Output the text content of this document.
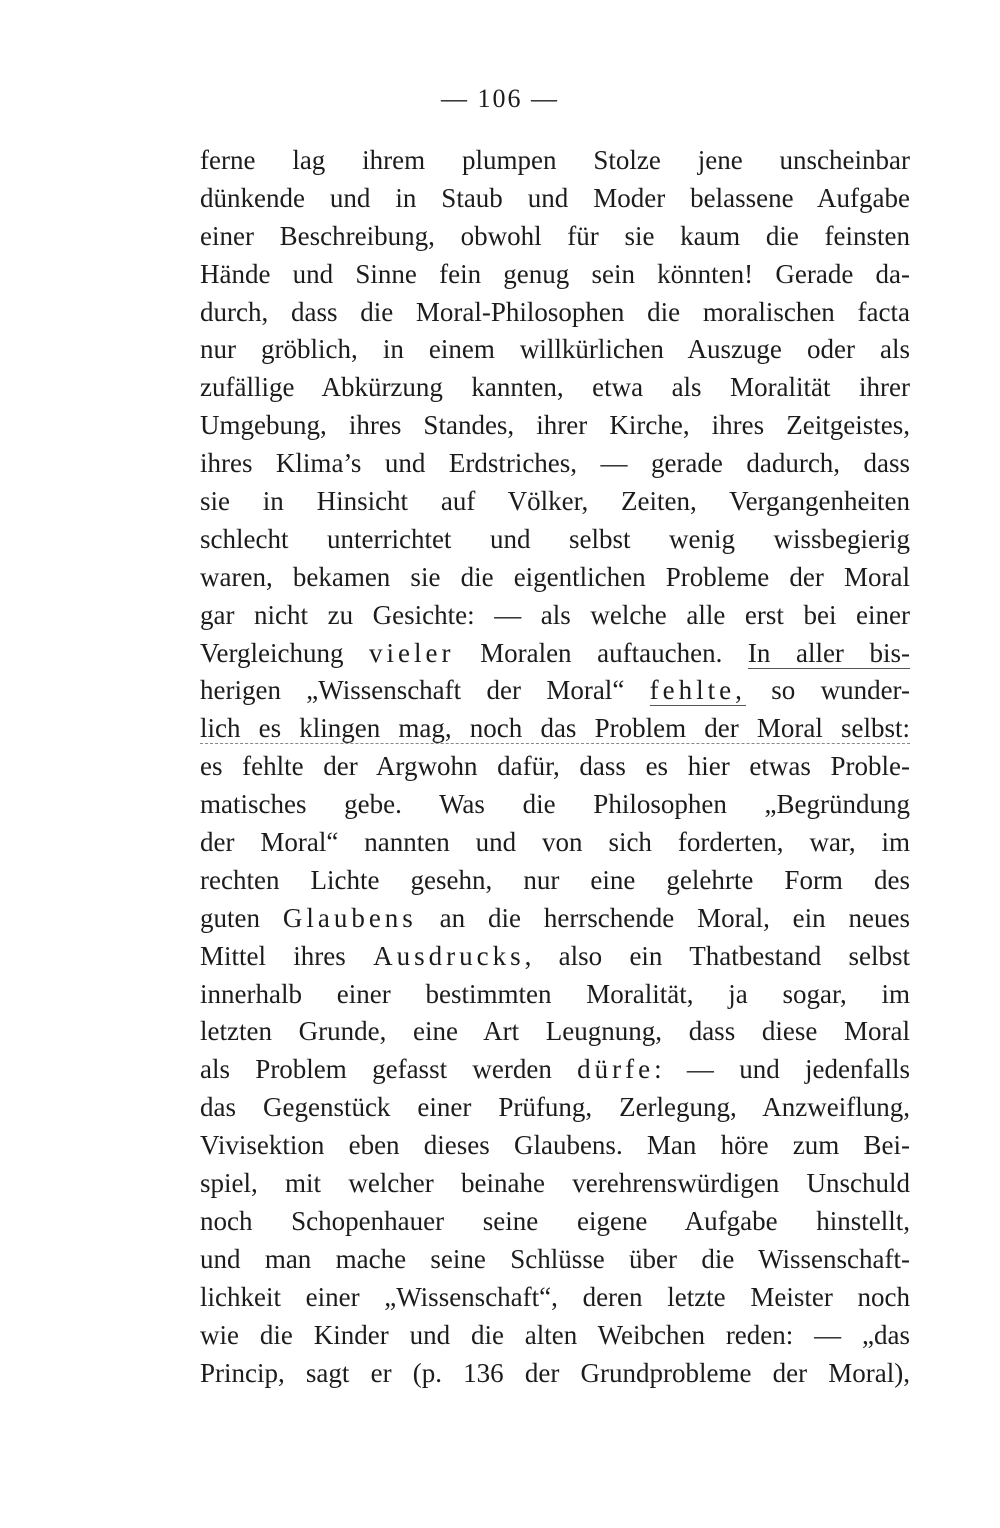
— 106 —
ferne lag ihrem plumpen Stolze jene unscheinbar
dünkende und in Staub und Moder belassene Aufgabe
einer Beschreibung, obwohl für sie kaum die feinsten
Hände und Sinne fein genug sein könnten! Gerade da-
durch, dass die Moral-Philosophen die moralischen facta
nur gröblich, in einem willkürlichen Auszuge oder als
zufällige Abkürzung kannten, etwa als Moralität ihrer
Umgebung, ihres Standes, ihrer Kirche, ihres Zeitgeistes,
ihres Klima’s und Erdstriches, — gerade dadurch, dass
sie in Hinsicht auf Völker, Zeiten, Vergangenheiten
schlecht unterrichtet und selbst wenig wissbegierig
waren, bekamen sie die eigentlichen Probleme der Moral
gar nicht zu Gesichte: — als welche alle erst bei einer
Vergleichung vieler Moralen auftauchen. In aller bis-
herigen „Wissenschaft der Moral“ fehlte, so wunder-
lich es klingen mag, noch das Problem der Moral selbst:
es fehlte der Argwohn dafür, dass es hier etwas Proble-
matisches gebe. Was die Philosophen „Begründung
der Moral“ nannten und von sich forderten, war, im
rechten Lichte gesehn, nur eine gelehrte Form des
guten Glaubens an die herrschende Moral, ein neues
Mittel ihres Ausdrucks, also ein Thatbestand selbst
innerhalb einer bestimmten Moralität, ja sogar, im
letzten Grunde, eine Art Leugnung, dass diese Moral
als Problem gefasst werden dürfe: — und jedenfalls
das Gegenstück einer Prüfung, Zerlegung, Anzweiflung,
Vivisektion eben dieses Glaubens. Man höre zum Bei-
spiel, mit welcher beinahe verehrenswürdigen Unschuld
noch Schopenhauer seine eigene Aufgabe hinstellt,
und man mache seine Schlüsse über die Wissenschaft-
lichkeit einer „Wissenschaft“, deren letzte Meister noch
wie die Kinder und die alten Weibchen reden: — „das
Princip, sagt er (p. 136 der Grundprobleme der Moral),
